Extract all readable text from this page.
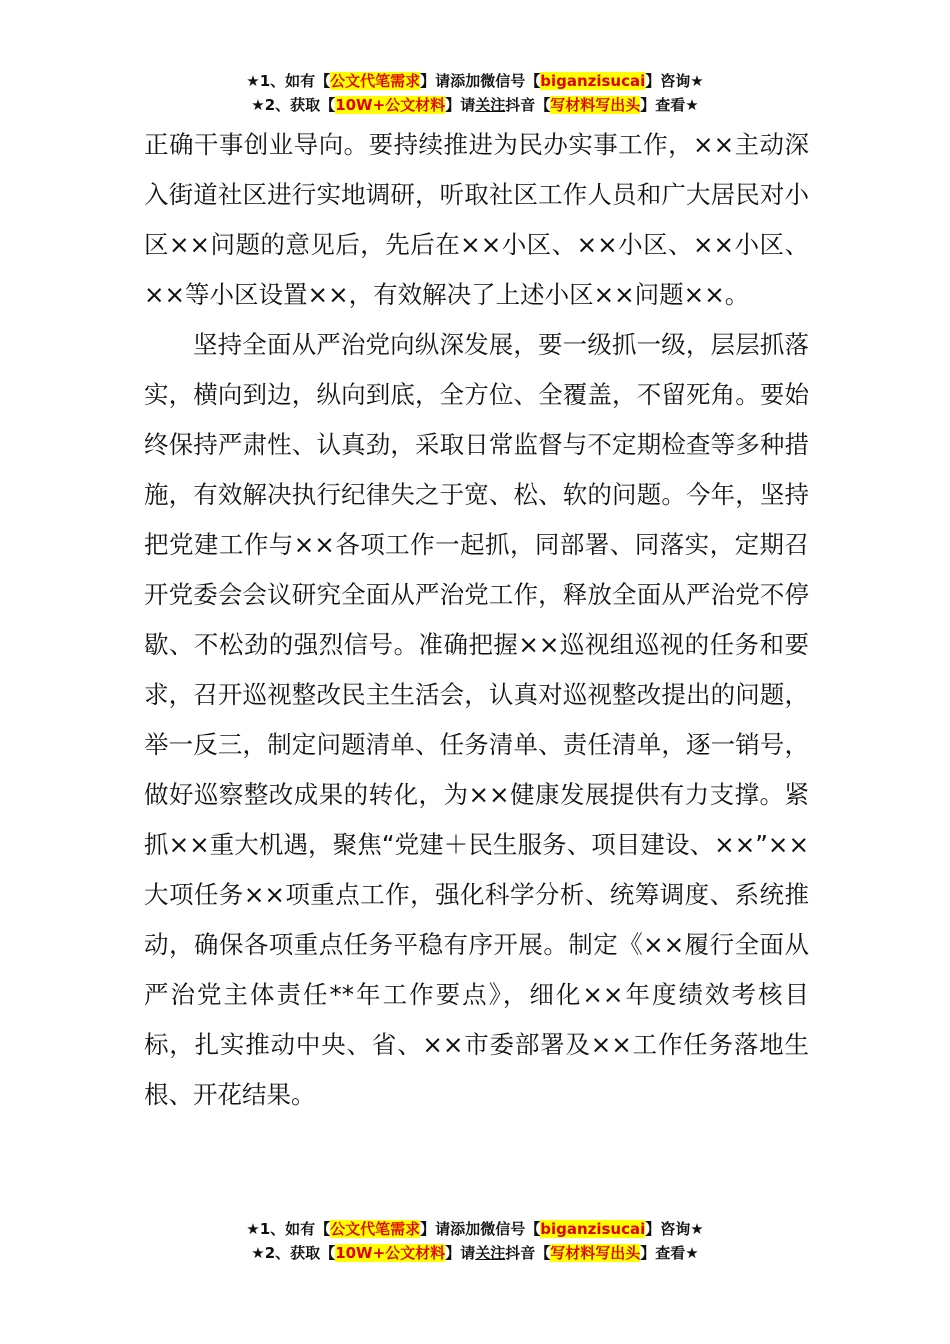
★1、如有【公文代笔需求】请添加微信号【biganzisucai】咨询★
★2、获取【10W+公文材料】请关注抖音【写材料写出头】查看★

正确干事创业导向。要持续推进为民办实事工作，××主动深入街道社区进行实地调研，听取社区工作人员和广大居民对小区××问题的意见后，先后在××小区、××小区、××小区、××等小区设置××，有效解决了上述小区××问题××。

坚持全面从严治党向纵深发展，要一级抓一级，层层抓落实，横向到边，纵向到底，全方位、全覆盖，不留死角。要始终保持严肃性、认真劲，采取日常监督与不定期检查等多种措施，有效解决执行纪律失之于宽、松、软的问题。今年，坚持把党建工作与××各项工作一起抓，同部署、同落实，定期召开党委会会议研究全面从严治党工作，释放全面从严治党不停歇、不松劲的强烈信号。准确把握××巡视组巡视的任务和要求，召开巡视整改民主生活会，认真对巡视整改提出的问题，举一反三，制定问题清单、任务清单、责任清单，逐一销号，做好巡察整改成果的转化，为××健康发展提供有力支撑。紧抓××重大机遇，聚焦“党建＋民生服务、项目建设、××”××大项任务××项重点工作，强化科学分析、统筹调度、系统推动，确保各项重点任务平稳有序开展。制定《××履行全面从严治党主体责任**年工作要点》，细化××年度绩效考核目标，扎实推动中央、省、××市委部署及××工作任务落地生根、开花结果。

★1、如有【公文代笔需求】请添加微信号【biganzisucai】咨询★
★2、获取【10W+公文材料】请关注抖音【写材料写出头】查看★
